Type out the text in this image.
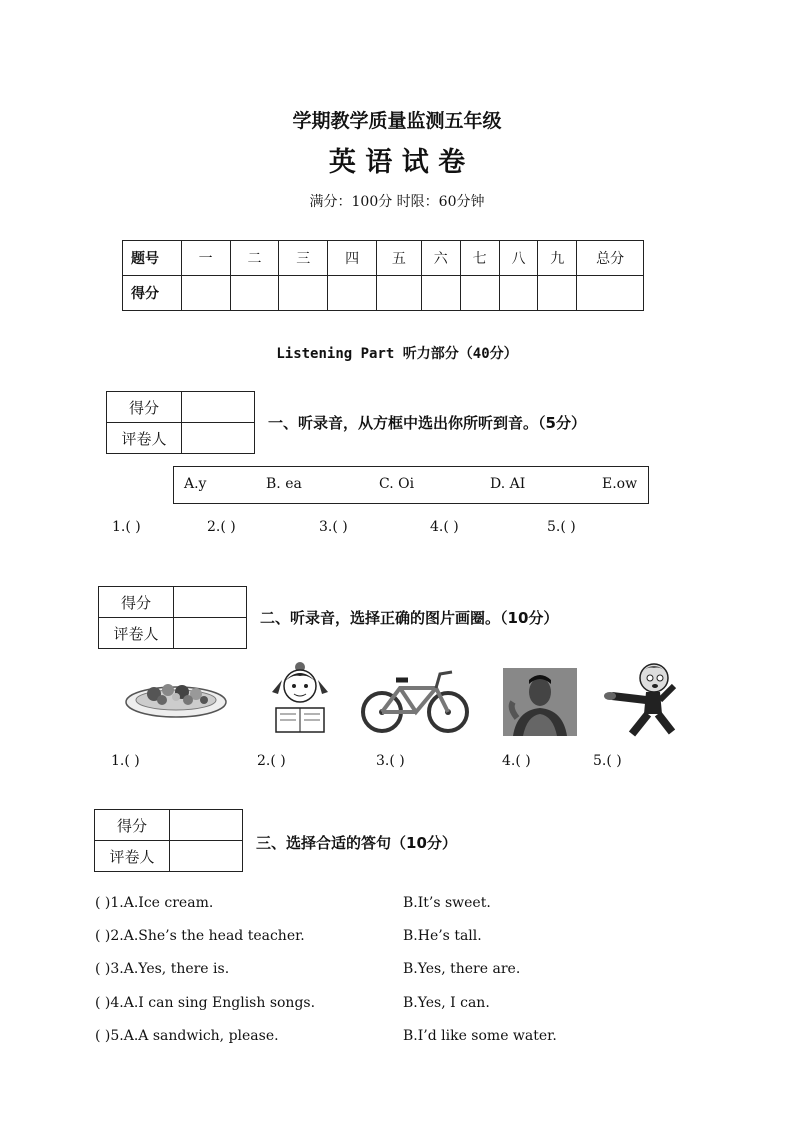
学期教学质量监测五年级
英 语 试 卷
满分：100分 时限：60分钟
题号	一	二	三	四	五	六	七	八	九	总分
得分										
Listening Part 听力部分（40分）
得分	
评卷人	
一、听录音，从方框中选出你所听到音。（5分）
A.y	B. ea	C. Oi	D. AI	E.ow
1.( )	2.( )	3.( )	4.( )	5.( )
得分	
评卷人	
二、听录音，选择正确的图片画圈。（10分）
1.( )	2.( )	3.( )	4.( )	5.( )
得分	
评卷人	
三、选择合适的答句（10分）
( )1.A.Ice cream.	B.It’s sweet.
( )2.A.She’s the head teacher.	B.He’s tall.
( )3.A.Yes, there is.	B.Yes, there are.
( )4.A.I can sing English songs.	B.Yes, I can.
( )5.A.A sandwich, please.	B.I’d like some water.
